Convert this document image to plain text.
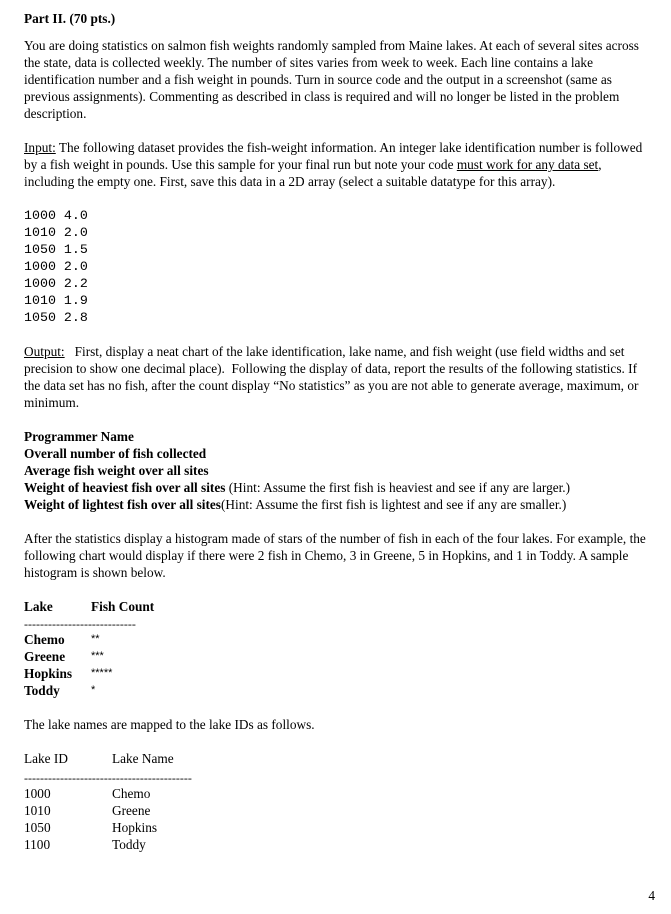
Part II. (70 pts.)

You are doing statistics on salmon fish weights randomly sampled from Maine lakes. At each of several sites across the state, data is collected weekly. The number of sites varies from week to week. Each line contains a lake identification number and a fish weight in pounds. Turn in source code and the output in a screenshot (same as previous assignments). Commenting as described in class is required and will no longer be listed in the problem description.

Input: The following dataset provides the fish-weight information. An integer lake identification number is followed by a fish weight in pounds. Use this sample for your final run but note your code must work for any data set, including the empty one. First, save this data in a 2D array (select a suitable datatype for this array).

1000 4.0
1010 2.0
1050 1.5
1000 2.0
1000 2.2
1010 1.9
1050 2.8

Output:   First, display a neat chart of the lake identification, lake name, and fish weight (use field widths and set precision to show one decimal place).  Following the display of data, report the results of the following statistics. If the data set has no fish, after the count display “No statistics” as you are not able to generate average, maximum, or minimum.

Programmer Name
Overall number of fish collected
Average fish weight over all sites
Weight of heaviest fish over all sites (Hint: Assume the first fish is heaviest and see if any are larger.)
Weight of lightest fish over all sites(Hint: Assume the first fish is lightest and see if any are smaller.)

After the statistics display a histogram made of stars of the number of fish in each of the four lakes. For example, the following chart would display if there were 2 fish in Chemo, 3 in Greene, 5 in Hopkins, and 1 in Toddy. A sample histogram is shown below.

Lake	Fish Count
----------------------------
Chemo	**
Greene	***
Hopkins	*****
Toddy	*

The lake names are mapped to the lake IDs as follows.

Lake ID	Lake Name
------------------------------------------
1000	Chemo
1010	Greene
1050	Hopkins
1100	Toddy
4
